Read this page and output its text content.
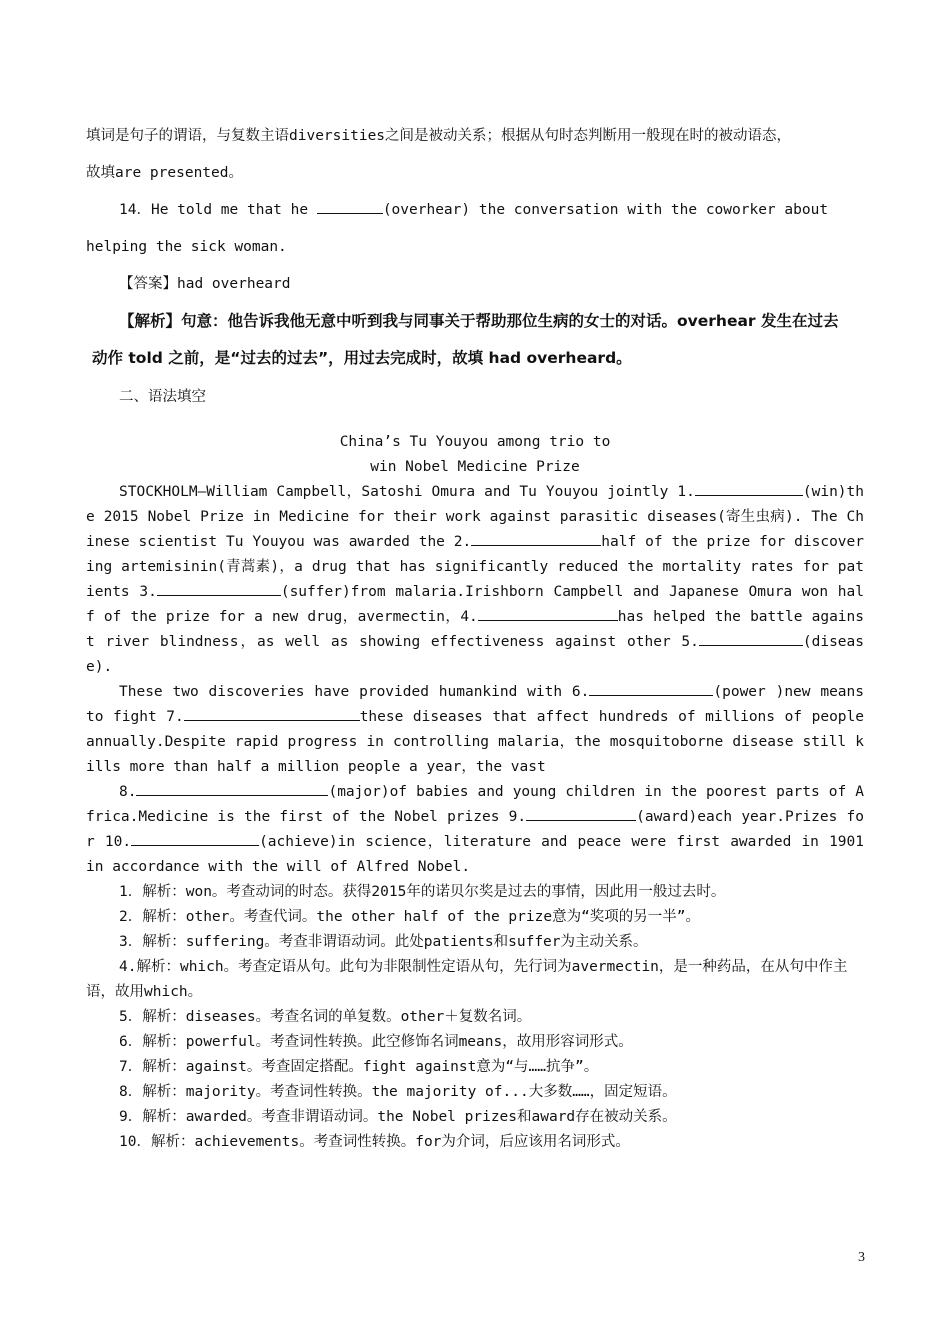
填词是句子的谓语，与复数主语diversities之间是被动关系；根据从句时态判断用一般现在时的被动语态，
故填are presented。

14．He told me that he	(overhear) the conversation with the coworker about
helping the sick woman.

【答案】had overheard

【解析】句意：他告诉我他无意中听到我与同事关于帮助那位生病的女士的对话。overhear 发生在过去

动作 told 之前，是“过去的过去”，用过去完成时，故填 had overheard。

二、语法填空

China’s Tu Youyou among trio to
win Nobel Medicine Prize

STOCKHOLM—William Campbell，Satoshi Omura and Tu Youyou jointly 1.	(win)the 2015 Nobel Prize in Medicine for their work against parasitic diseases(寄生虫病). The Chinese scientist Tu Youyou was awarded the 2.	half of the prize for discovering artemisinin(青蒿素)，a drug that has significantly reduced the mortality rates for patients 3.	(suffer)from malaria.Irishborn Campbell and Japanese Omura won half of the prize for a new drug，avermectin，4.	has helped the battle against river blindness，as well as showing effectiveness against other 5.	(disease).

These two discoveries have provided humankind with 6.	(power )new means to fight 7.	these diseases that affect hundreds of millions of people annually.Despite rapid progress in controlling malaria，the mosquitoborne disease still kills more than half a million people a year，the vast

8.	(major)of babies and young children in the poorest parts of Africa.Medicine is the first of the Nobel prizes 9.	(award)each year.Prizes for 10.	(achieve)in science，literature and peace were first awarded in 1901 in accordance with the will of Alfred Nobel.

1．解析：won。考查动词的时态。获得2015年的诺贝尔奖是过去的事情，因此用一般过去时。

2．解析：other。考查代词。the other half of the prize意为“奖项的另一半”。

3．解析：suffering。考查非谓语动词。此处patients和suffer为主动关系。

4.解析：which。考查定语从句。此句为非限制性定语从句，先行词为avermectin，是一种药品，在从句中作主语，故用which。

5．解析：diseases。考查名词的单复数。other＋复数名词。

6．解析：powerful。考查词性转换。此空修饰名词means，故用形容词形式。

7．解析：against。考查固定搭配。fight against意为“与……抗争”。

8．解析：majority。考查词性转换。the majority of...大多数……，固定短语。

9．解析：awarded。考查非谓语动词。the Nobel prizes和award存在被动关系。

10．解析：achievements。考查词性转换。for为介词，后应该用名词形式。

3
